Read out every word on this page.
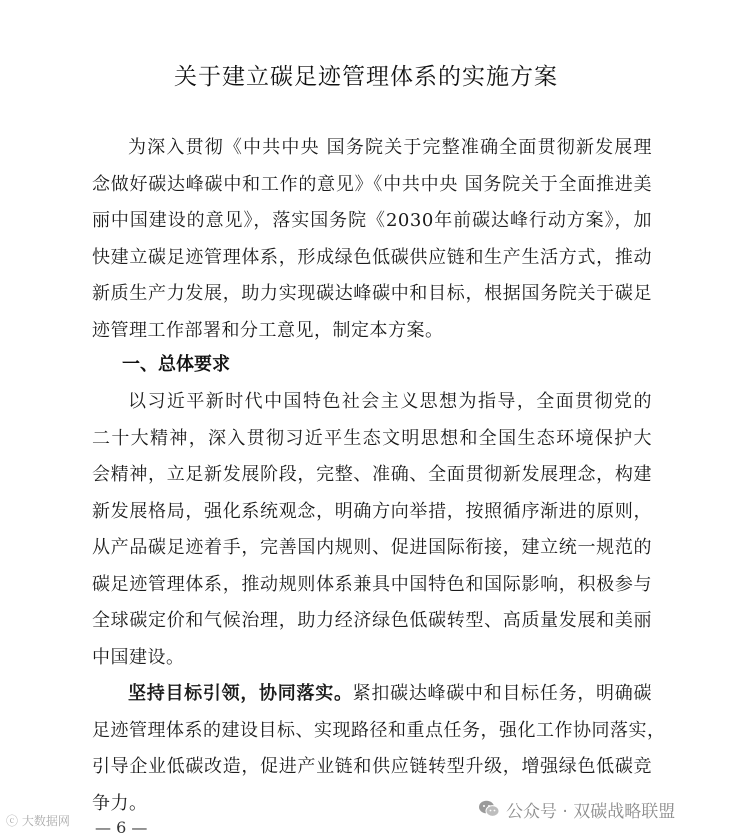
关于建立碳足迹管理体系的实施方案
为深入贯彻《中共中央 国务院关于完整准确全面贯彻新发展理
念做好碳达峰碳中和工作的意见》《中共中央 国务院关于全面推进美
丽中国建设的意见》，落实国务院《2030年前碳达峰行动方案》，加
快建立碳足迹管理体系，形成绿色低碳供应链和生产生活方式，推动
新质生产力发展，助力实现碳达峰碳中和目标，根据国务院关于碳足
迹管理工作部署和分工意见，制定本方案。
一、总体要求
以习近平新时代中国特色社会主义思想为指导，全面贯彻党的
二十大精神，深入贯彻习近平生态文明思想和全国生态环境保护大
会精神，立足新发展阶段，完整、准确、全面贯彻新发展理念，构建
新发展格局，强化系统观念，明确方向举措，按照循序渐进的原则，
从产品碳足迹着手，完善国内规则、促进国际衔接，建立统一规范的
碳足迹管理体系，推动规则体系兼具中国特色和国际影响，积极参与
全球碳定价和气候治理，助力经济绿色低碳转型、高质量发展和美丽
中国建设。
坚持目标引领，协同落实。紧扣碳达峰碳中和目标任务，明确碳
足迹管理体系的建设目标、实现路径和重点任务，强化工作协同落实，
引导企业低碳改造，促进产业链和供应链转型升级，增强绿色低碳竞
争力。
— 6 —
ⓒ 大数据网	公众号 · 双碳战略联盟
